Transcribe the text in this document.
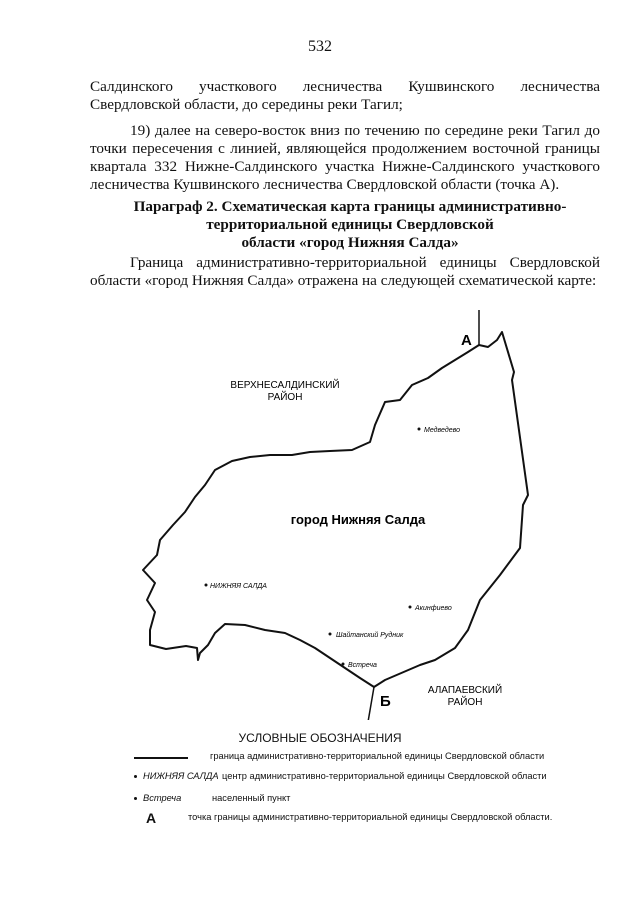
532
Салдинского участкового лесничества Кушвинского лесничества Свердловской области, до середины реки Тагил;
19) далее на северо-восток вниз по течению по середине реки Тагил до точки пересечения с линией, являющейся продолжением восточной границы квартала 332 Нижне-Салдинского участка Нижне-Салдинского участкового лесничества Кушвинского лесничества Свердловской области (точка А).
Параграф 2. Схематическая карта границы административно-
территориальной единицы Свердловской
области «город Нижняя Салда»
Граница административно-территориальной единицы Свердловской области «город Нижняя Салда» отражена на следующей схематической карте:
А
Б
ВЕРХНЕСАЛДИНСКИЙ
РАЙОН
город Нижняя Салда
АЛАПАЕВСКИЙ
РАЙОН
Медведево
НИЖНЯЯ САЛДА
Акинфиево
Шайтанский Рудник
Встреча
УСЛОВНЫЕ ОБОЗНАЧЕНИЯ
граница административно-территориальной единицы Свердловской области
НИЖНЯЯ САЛДА центр административно-территориальной единицы Свердловской области
Встреча	населенный пункт
А	точка границы административно-территориальной единицы Свердловской области.
